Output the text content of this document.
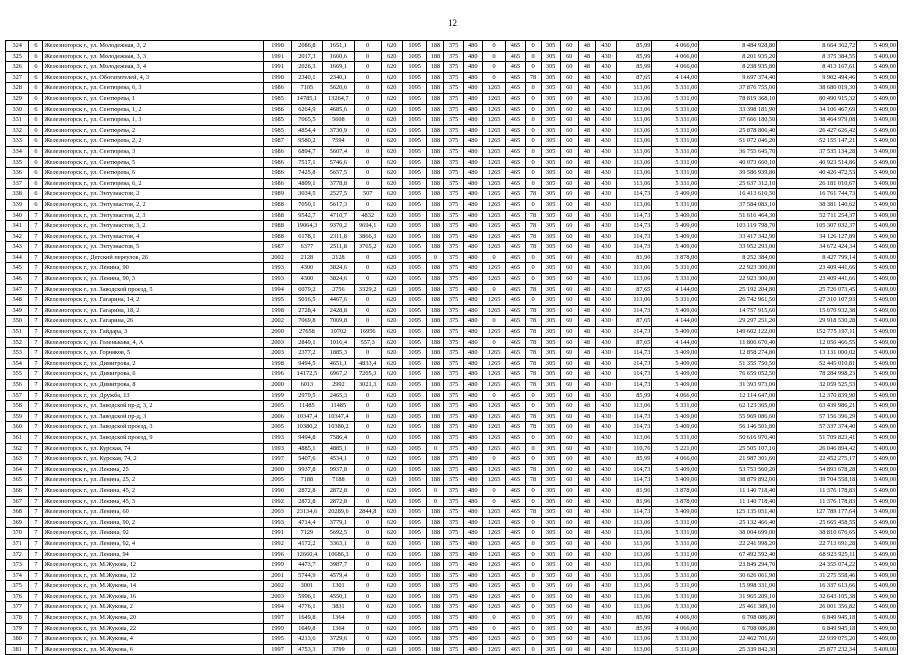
12
324	6	Железногорск г., ул. Молодежная, 3, 2	1990	2086,8	1651,1	0	620	1095	188	375	480	0	465	0	305	60	48	430	85,99	4 066,00	8 484 928,80	8 664 362,72	5 409,00
325	6	Железногорск г., ул. Молодежная, 3, 3	1991	2017,3	1660,6	0	620	1095	188	375	480	0	465	0	305	60	48	430	85,99	4 066,00	8 201 935,20	8 375 384,55	5 409,00
326	6	Железногорск г., ул. Молодежная, 3, 4	1991	2026,3	1669,1	0	620	1095	188	375	480	0	465	0	305	60	48	430	85,99	4 066,00	8 238 935,80	8 413 167,61	5 409,00
327	6	Железногорск г., ул. Обогатителей, 4, 3	1990	2340,1	2340,1	0	620	1095	188	375	480	0	465	78	305	60	48	430	87,65	4 144,00	9 697 374,40	9 902 494,46	5 409,00
328	6	Железногорск г., ул. Сентюрева, 6, 3	1986	7105	5620,6	0	620	1095	188	375	480	1265	465	0	305	60	48	430	113,06	5 331,00	37 876 755,00	38 680 019,30	5 409,00
329	6	Железногорск г., ул. Сентюрева, 1	1985	14785,1	13264,7	0	620	1095	188	375	480	1265	465	0	305	60	48	430	113,06	5 331,00	78 819 368,10	80 490 915,32	5 409,00
330	6	Железногорск г., ул. Сентюрева, 1, 2	1986	6264,9	4685,6	0	620	1095	188	375	480	1265	465	0	305	60	48	430	113,06	5 331,00	33 398 181,90	34 106 467,69	5 409,00
331	6	Железногорск г., ул. Сентюрева, 1, 3	1985	7065,5	5608	0	620	1095	188	375	480	1265	465	0	305	60	48	430	113,06	5 331,00	37 666 180,50	38 464 979,08	5 409,00
332	6	Железногорск г., ул. Сентюрева, 2	1985	4854,4	3730,9	0	620	1095	188	375	480	1265	465	0	305	60	48	430	113,06	5 331,00	25 878 806,40	26 427 626,42	5 409,00
333	6	Железногорск г., ул. Сентюрева, 2, 2	1987	9580,2	7594	0	620	1095	188	375	480	1265	465	0	305	60	48	430	113,06	5 331,00	51 072 046,20	52 155 147,21	5 409,00
334	6	Железногорск г., ул. Сентюрева, 3	1986	6894,7	5607,4	0	620	1095	188	375	480	1265	465	0	305	60	48	430	113,06	5 331,00	36 755 645,70	37 535 134,28	5 409,00
335	6	Железногорск г., ул. Сентюрева, 5	1986	7517,1	5746,6	0	620	1095	188	375	480	1265	465	0	305	60	48	430	113,06	5 331,00	40 073 660,10	40 923 514,86	5 409,00
336	6	Железногорск г., ул. Сентюрева, 6	1986	7425,8	5657,5	0	620	1095	188	375	480	1265	465	0	305	60	48	430	113,06	5 331,00	39 586 939,80	40 426 472,53	5 409,00
337	6	Железногорск г., ул. Сентюрева, 6, 2	1986	4809,1	3778,8	0	620	1095	188	375	480	1265	465	0	305	60	48	430	113,06	5 331,00	25 637 312,10	26 181 010,67	5 409,00
338	6	Железногорск г., ул. Энтузиастов, 2	1989	3034,5	2527,5	507	620	1095	188	375	480	1265	465	78	305	60	48	430	114,73	5 409,00	16 413 610,50	16 761 744,73	5 409,00
339	6	Железногорск г., ул. Энтузиастов, 2, 2	1988	7050,1	5617,3	0	620	1095	188	375	480	1265	465	0	305	60	48	430	113,06	5 331,00	37 584 083,10	38 381 140,62	5 409,00
340	7	Железногорск г., ул. Энтузиастов, 2, 3	1988	9542,7	4710,7	4832	620	1095	188	375	480	1265	465	78	305	60	48	430	114,73	5 409,00	51 616 464,30	52 711 254,37	5 409,00
341	7	Железногорск г., ул. Энтузиастов, 3, 2	1988	19064,3	9370,2	9694,1	620	1095	188	375	480	1265	465	78	305	60	48	430	114,73	5 409,00	103 119 798,70	105 307 032,37	5 409,00
342	7	Железногорск г., ул. Энтузиастов, 4	1988	6178,1	2311,8	3866,3	620	1095	188	375	480	1265	465	78	305	60	48	430	114,73	5 409,00	33 417 342,90	34 126 127,89	5 409,00
343	7	Железногорск г., ул. Энтузиастов, 5	1987	6377	2511,8	3765,2	620	1095	188	375	480	1265	465	78	305	60	48	430	114,73	5 409,00	33 952 293,00	34 672 424,34	5 409,00
344	7	Железногорск г., Детский переулок, 26	2002	2128	2128	0	620	1095	0	375	480	0	465	0	305	60	48	430	81,96	3 878,00	8 252 384,00	8 427 799,14	5 409,00
345	7	Железногорск г., ул. Ленина, 90	1993	4300	3824,6	0	620	1095	188	375	480	1265	465	0	305	60	48	430	113,06	5 331,00	22 923 300,00	23 409 441,66	5 409,00
346	7	Железногорск г., ул. Ленина, 90, 3	1993	4300	3824,6	0	620	1095	188	375	480	1265	465	0	305	60	48	430	113,06	5 331,00	22 923 300,00	23 409 441,66	5 409,00
347	7	Железногорск г., ул. Заводской проезд, 5	1994	6079,2	2756	3329,2	620	1095	188	375	480	0	465	78	305	60	48	430	87,65	4 144,00	25 192 204,80	25 726 073,45	5 409,00
348	7	Железногорск г., ул. Гагарина, 14, 2	1995	5016,5	4467,6	0	620	1095	188	375	480	1265	465	0	305	60	48	430	113,06	5 331,00	26 742 961,50	27 310 107,93	5 409,00
349	7	Железногорск г., ул. Гагарина, 18, 2	1998	2728,4	2428,8	0	620	1095	188	375	480	1265	465	78	305	60	48	430	114,73	5 409,00	14 757 915,60	15 070 932,38	5 409,00
350	7	Железногорск г., ул. Гагарина, 26	2002	7069,8	7069,8	0	620	1095	188	375	480	0	465	78	305	60	48	430	87,65	4 144,00	29 297 251,20	29 918 530,28	5 409,00
351	7	Железногорск г., ул. Гайдара, 3	2000	27658	10702	16956	620	1095	188	375	480	1265	465	78	305	60	48	430	114,73	5 409,00	149 602 122,00	152 775 197,11	5 409,00
352	7	Железногорск г., ул. Голенькова, 4, А	2003	2849,1	1016,4	557,3	620	1095	188	375	480	0	465	78	305	60	48	430	87,65	4 144,00	11 806 670,40	12 056 466,55	5 409,00
353	7	Железногорск г., ул. Горняков, 5	2003	2377,2	1885,3	0	620	1095	188	375	480	1265	465	78	305	60	48	430	114,73	5 409,00	12 858 274,80	13 131 000,02	5 409,00
354	7	Железногорск г., ул. Димитрова, 2	1998	9494,5	4651,1	4833,4	620	1095	188	375	480	1265	465	78	305	60	48	430	114,73	5 409,00	51 355 750,50	52 445 010,81	5 409,00
355	7	Железногорск г., ул. Димитрова, 6	1996	14172,5	6967,2	7205,3	620	1095	188	375	480	1265	465	78	305	60	48	430	114,73	5 409,00	76 659 052,50	78 284 998,23	5 409,00
356	7	Железногорск г., ул. Димитрова, 8	2000	6013	2992	3021,3	620	1095	188	375	480	1265	465	78	305	60	48	430	114,73	5 409,00	31 393 973,00	32 059 525,53	5 409,00
357	7	Железногорск г., ул. Дружба, 13	1999	2979,5	2465,3	0	620	1095	188	375	480	0	465	0	305	60	48	430	85,99	4 066,00	12 114 647,00	12 370 839,90	5 409,00
358	7	Железногорск г., ул. Заводской пр-д, 3, 2	2005	11485	11485	0	620	1095	188	375	480	1265	465	0	305	60	48	430	113,06	5 331,00	62 123 365,00	63 439 986,21	5 409,00
359	7	Железногорск г., ул. Заводской пр-д, 3	2006	10347,4	10347,4	0	620	1095	188	375	480	1265	465	78	305	60	48	430	114,73	5 409,00	55 969 086,60	57 156 396,29	5 409,00
360	7	Железногорск г., ул. Заводской проезд, 3	2005	10380,2	10380,2	0	620	1095	188	375	480	1265	465	78	305	60	48	430	114,73	5 409,00	56 146 501,80	57 337 374,40	5 409,00
361	7	Железногорск г., ул. Заводской проезд, 9	1993	9494,8	7586,4	0	620	1095	188	375	480	1265	465	0	305	60	48	430	113,06	5 331,00	50 616 970,40	51 709 823,41	5 409,00
362	7	Железногорск г., ул. Курская, 74	1993	4885,1	4885,1	0	620	1095	0	375	480	1265	465	0	305	60	48	430	110,76	5 221,00	25 505 107,10	26 046 894,42	5 409,00
363	7	Железногорск г., ул. Курская, 74, 2	1997	5407,6	4534,1	0	620	1095	188	375	480	0	465	0	305	60	48	430	85,99	4 066,00	21 987 301,60	22 452 275,17	5 409,00
364	7	Железногорск г., ул. Ленина, 25	2000	9937,8	9937,8	0	620	1095	188	375	480	1265	465	78	305	60	48	430	114,73	5 409,00	53 753 560,20	54 893 678,28	5 409,00
365	7	Железногорск г., ул. Ленина, 25, 2	2005	7188	7188	0	620	1095	188	375	480	1265	465	78	305	60	48	430	114,73	5 409,00	38 879 892,00	39 704 558,18	5 409,00
366	7	Железногорск г., ул. Ленина, 45, 2	1990	2872,8	2872,8	0	620	1095	0	375	480	0	465	0	305	60	48	430	81,96	3 878,00	11 140 718,40	11 376 178,83	5 409,00
367	7	Железногорск г., ул. Ленина, 45, 3	1992	2872,8	2872,8	0	620	1095	0	375	480	0	465	0	305	60	48	430	81,96	3 878,00	11 140 718,40	11 376 178,83	5 409,00
368	7	Железногорск г., ул. Ленина, 60	2003	23134,6	20289,6	2844,8	620	1095	188	375	480	1265	465	78	305	60	48	430	114,73	5 409,00	125 135 051,40	127 789 177,64	5 409,00
369	7	Железногорск г., ул. Ленина, 90, 2	1993	4714,4	3779,1	0	620	1095	188	375	480	1265	465	0	305	60	48	430	113,06	5 331,00	25 132 466,40	25 665 458,55	5 409,00
370	7	Железногорск г., ул. Ленина, 92	1991	7129	5692,5	0	620	1095	188	375	480	1265	465	0	305	60	48	430	113,06	5 331,00	38 004 699,00	38 810 676,65	5 409,00
371	7	Железногорск г., ул. Ленина, 92, 4	1992	4172,2	3363,1	0	620	1095	188	375	480	1265	465	0	305	60	48	430	113,06	5 331,00	22 241 998,20	22 713 691,28	5 409,00
372	7	Железногорск г., ул. Ленина, 94	1996	12660,4	10686,3	0	620	1095	188	375	480	1265	465	0	305	60	48	430	113,06	5 331,00	67 492 592,40	68 923 925,11	5 409,00
373	7	Железногорск г., ул. М.Жукова, 12	1999	4473,7	3987,7	0	620	1095	188	375	480	1265	465	0	305	60	48	430	113,06	5 331,00	23 849 294,70	24 355 074,22	5 409,00
374	7	Железногорск г., ул. М.Жукова, 12	2001	5744,9	4579,4	0	620	1095	188	375	480	1265	465	0	305	60	48	430	113,06	5 331,00	30 626 061,90	31 275 558,46	5 409,00
375	7	Железногорск г., ул. М.Жукова, 14	2002	3001	1301	0	620	1095	188	375	480	1265	465	0	305	60	48	430	113,06	5 331,00	15 998 331,00	16 337 613,66	5 409,00
376	7	Железногорск г., ул. М.Жукова, 16	2003	5996,1	4550,1	0	620	1095	188	375	480	1265	465	0	305	60	48	430	113,06	5 331,00	31 965 209,10	32 643 105,38	5 409,00
377	7	Железногорск г., ул. М.Жукова, 2	1994	4776,1	3831	0	620	1095	188	375	480	1265	465	0	305	60	48	430	113,06	5 331,00	25 461 389,10	26 001 356,82	5 409,00
378	7	Железногорск г., ул. М.Жукова, 20	1997	1649,8	1364	0	620	1095	188	375	480	0	465	0	305	60	48	430	85,99	4 066,00	6 708 086,80	6 849 945,18	5 409,00
379	7	Железногорск г., ул. М.Жукова, 22	1999	1649,8	1364	0	620	1095	188	375	480	0	465	0	305	60	48	430	85,99	4 066,00	6 708 086,80	6 849 945,18	5 409,00
380	7	Железногорск г., ул. М.Жукова, 4	1995	4213,6	3729,6	0	620	1095	188	375	480	1265	465	0	305	60	48	430	113,06	5 331,00	22 462 701,60	22 939 075,20	5 409,00
381	7	Железногорск г., ул. М.Жукова, 6	1997	4753,3	3799	0	620	1095	188	375	480	1265	465	0	305	60	48	430	113,06	5 331,00	25 339 842,30	25 877 232,34	5 409,00
